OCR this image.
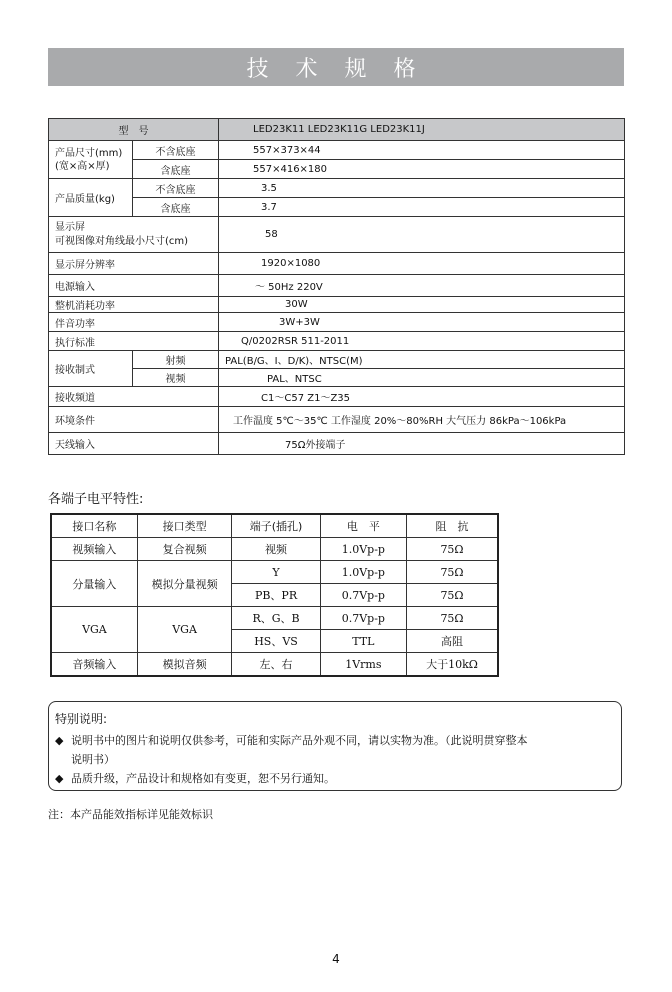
技 术 规 格
型　号		LED23K11 LED23K11G LED23K11J

产品尺寸(mm)
(宽×高×厚)	不含底座	557×373×44
	含底座	557×416×180
产品质量(kg)	不含底座	3.5
	含底座	3.7

显示屏
可视图像对角线最小尺寸(cm)		58
显示屏分辨率		1920×1080
电源输入		～ 50Hz 220V
整机消耗功率		30W
伴音功率		3W+3W
执行标准		Q/0202RSR 511-2011
接收制式	射频	PAL(B/G、I、D/K)、NTSC(M)
	视频	PAL、NTSC
接收频道		C1～C57 Z1～Z35
环境条件		工作温度 5℃～35℃ 工作湿度 20%～80%RH 大气压力 86kPa～106kPa
天线输入		75Ω外接端子
各端子电平特性:
接口名称	接口类型	端子(插孔)	电　平	阻　抗
视频输入	复合视频	视频	1.0Vp-p	75Ω
分量输入	模拟分量视频	Y	1.0Vp-p	75Ω
		PB、PR	0.7Vp-p	75Ω
VGA	VGA	R、G、B	0.7Vp-p	75Ω
		HS、VS	TTL	高阻
音频输入	模拟音频	左、右	1Vrms	大于10kΩ
特别说明:
◆ 说明书中的图片和说明仅供参考，可能和实际产品外观不同，请以实物为准。（此说明贯穿整本
说明书）
◆ 品质升级，产品设计和规格如有变更，恕不另行通知。
注：本产品能效指标详见能效标识
4
